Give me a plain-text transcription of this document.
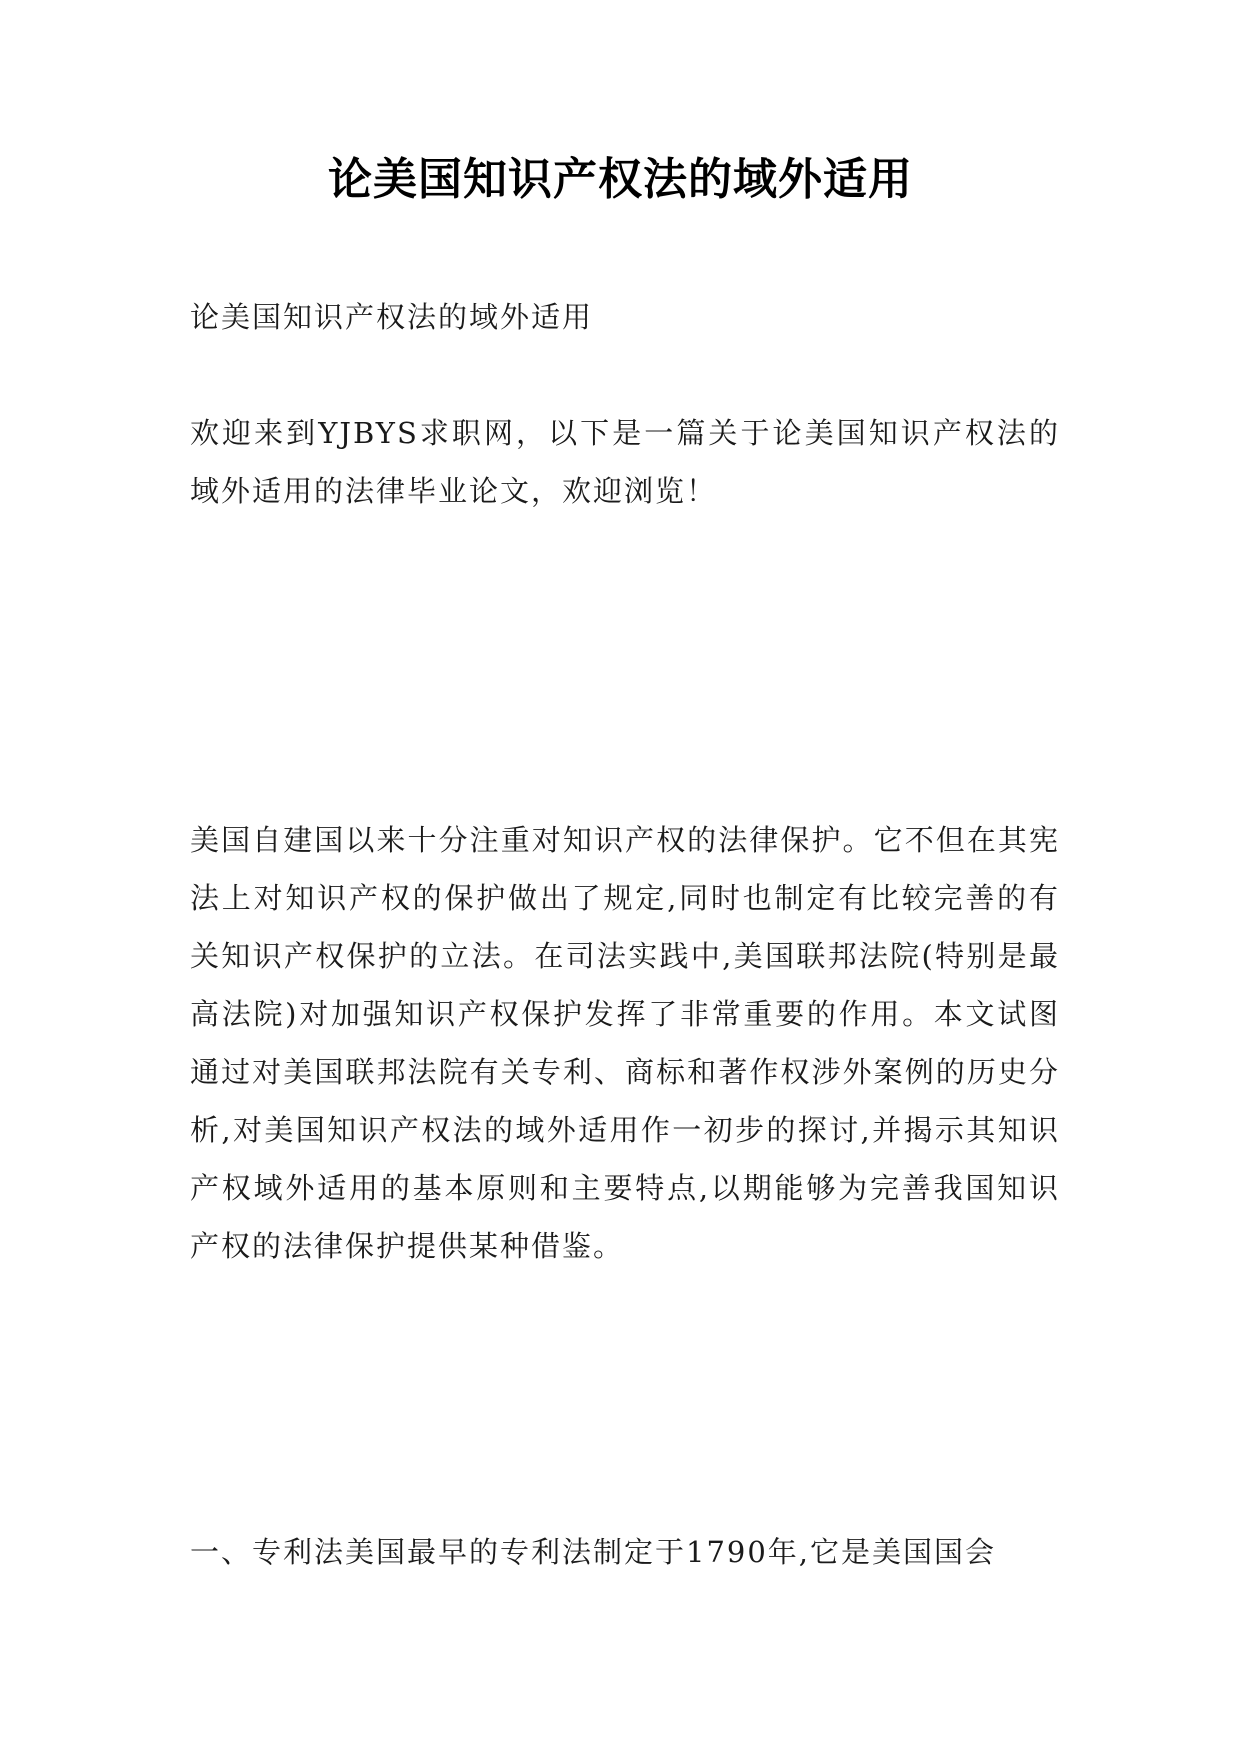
论美国知识产权法的域外适用

论美国知识产权法的域外适用

欢迎来到YJBYS求职网，以下是一篇关于论美国知识产权法的域外适用的法律毕业论文，欢迎浏览！

美国自建国以来十分注重对知识产权的法律保护。它不但在其宪法上对知识产权的保护做出了规定,同时也制定有比较完善的有关知识产权保护的立法。在司法实践中,美国联邦法院(特别是最高法院)对加强知识产权保护发挥了非常重要的作用。本文试图通过对美国联邦法院有关专利、商标和著作权涉外案例的历史分析,对美国知识产权法的域外适用作一初步的探讨,并揭示其知识产权域外适用的基本原则和主要特点,以期能够为完善我国知识产权的法律保护提供某种借鉴。

一、专利法美国最早的专利法制定于1790年,它是美国国会
